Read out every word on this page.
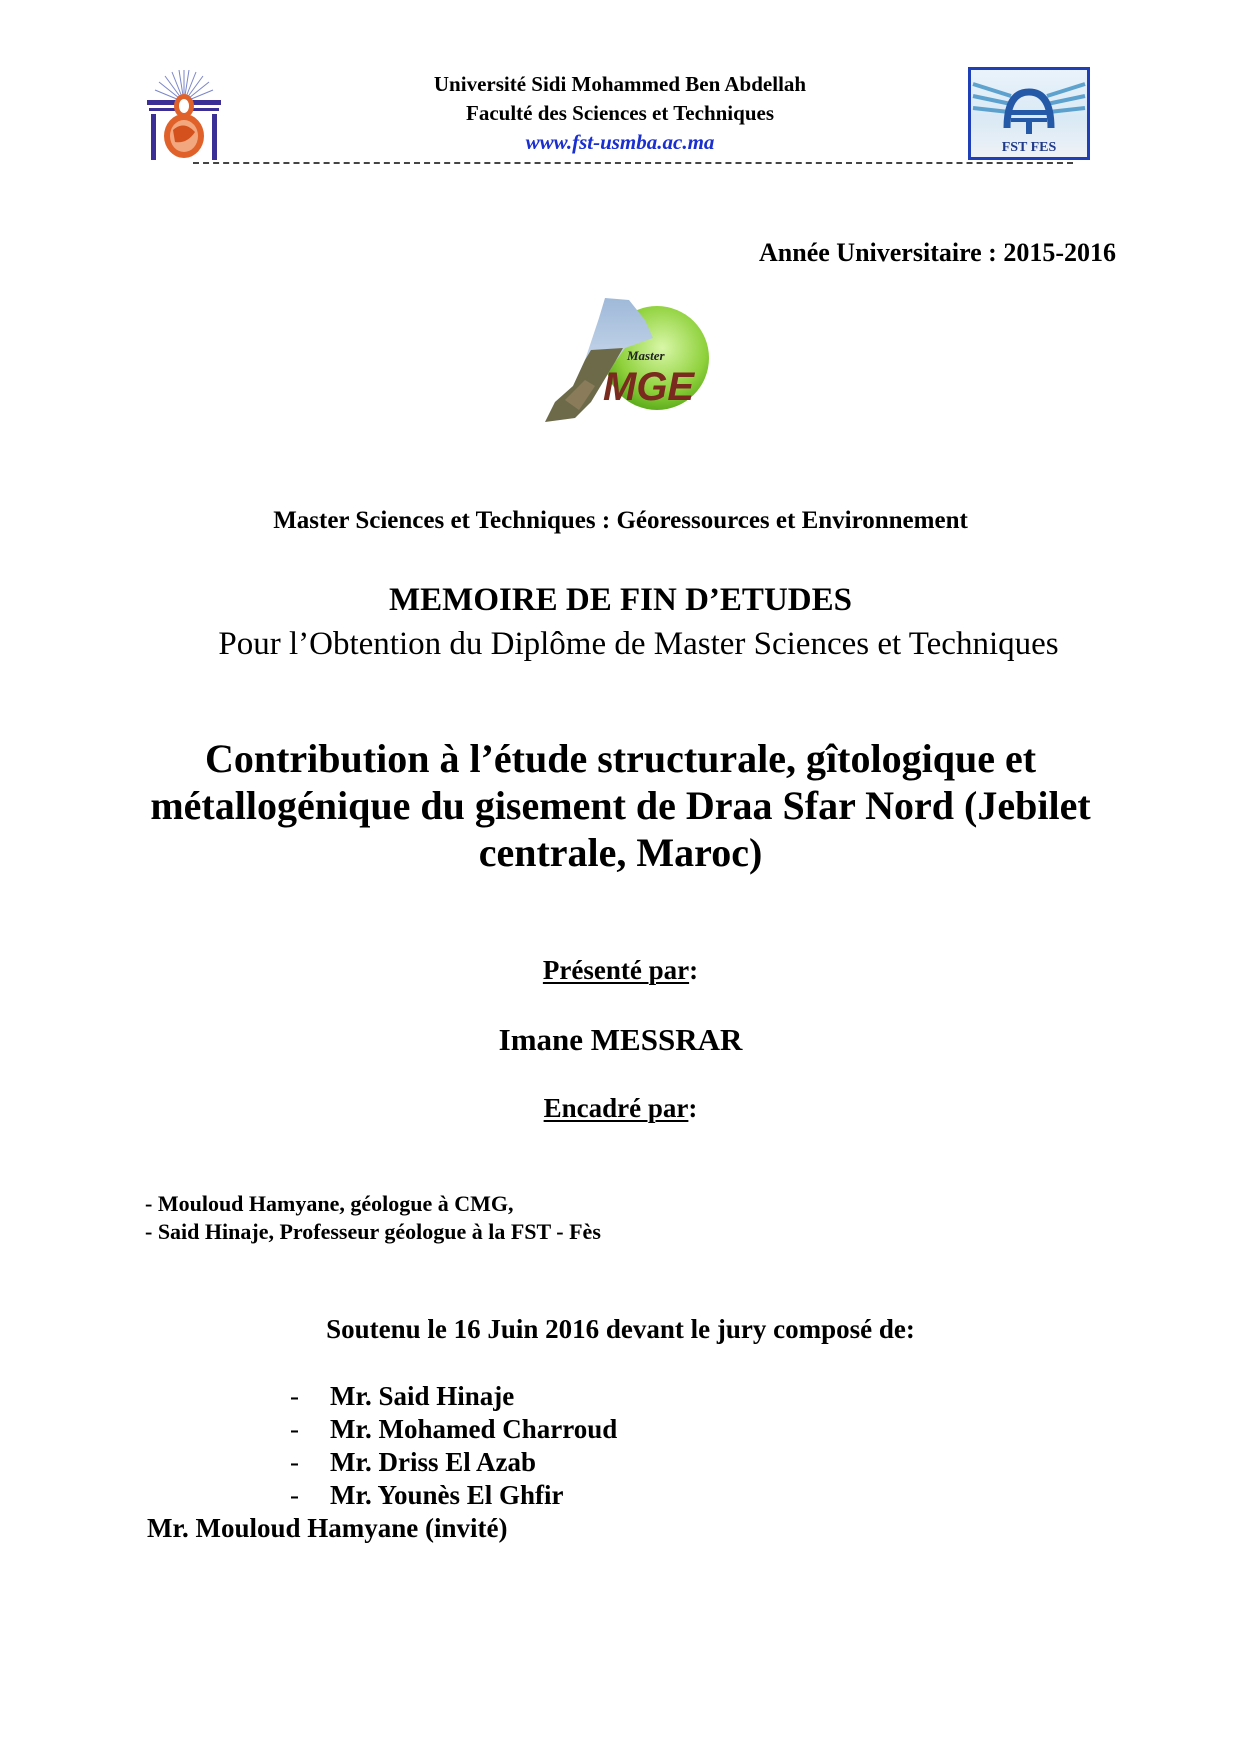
Université Sidi Mohammed Ben Abdellah
Faculté des Sciences et Techniques
www.fst-usmba.ac.ma	FST FES
Année Universitaire : 2015-2016
Master
MGE
Master Sciences et Techniques : Géoressources et Environnement
MEMOIRE DE FIN D’ETUDES
Pour l’Obtention du Diplôme de Master Sciences et Techniques
Contribution à l’étude structurale, gîtologique et
métallogénique du gisement de Draa Sfar Nord (Jebilet
centrale, Maroc)
Présenté par:
Imane MESSRAR
Encadré par:
- Mouloud Hamyane, géologue à CMG,
- Said Hinaje, Professeur géologue à la FST - Fès
Soutenu le 16 Juin 2016 devant le jury composé de:
-	Mr. Said Hinaje
-	Mr. Mohamed Charroud
-	Mr. Driss El Azab
-	Mr. Younès El Ghfir
Mr. Mouloud Hamyane (invité)
